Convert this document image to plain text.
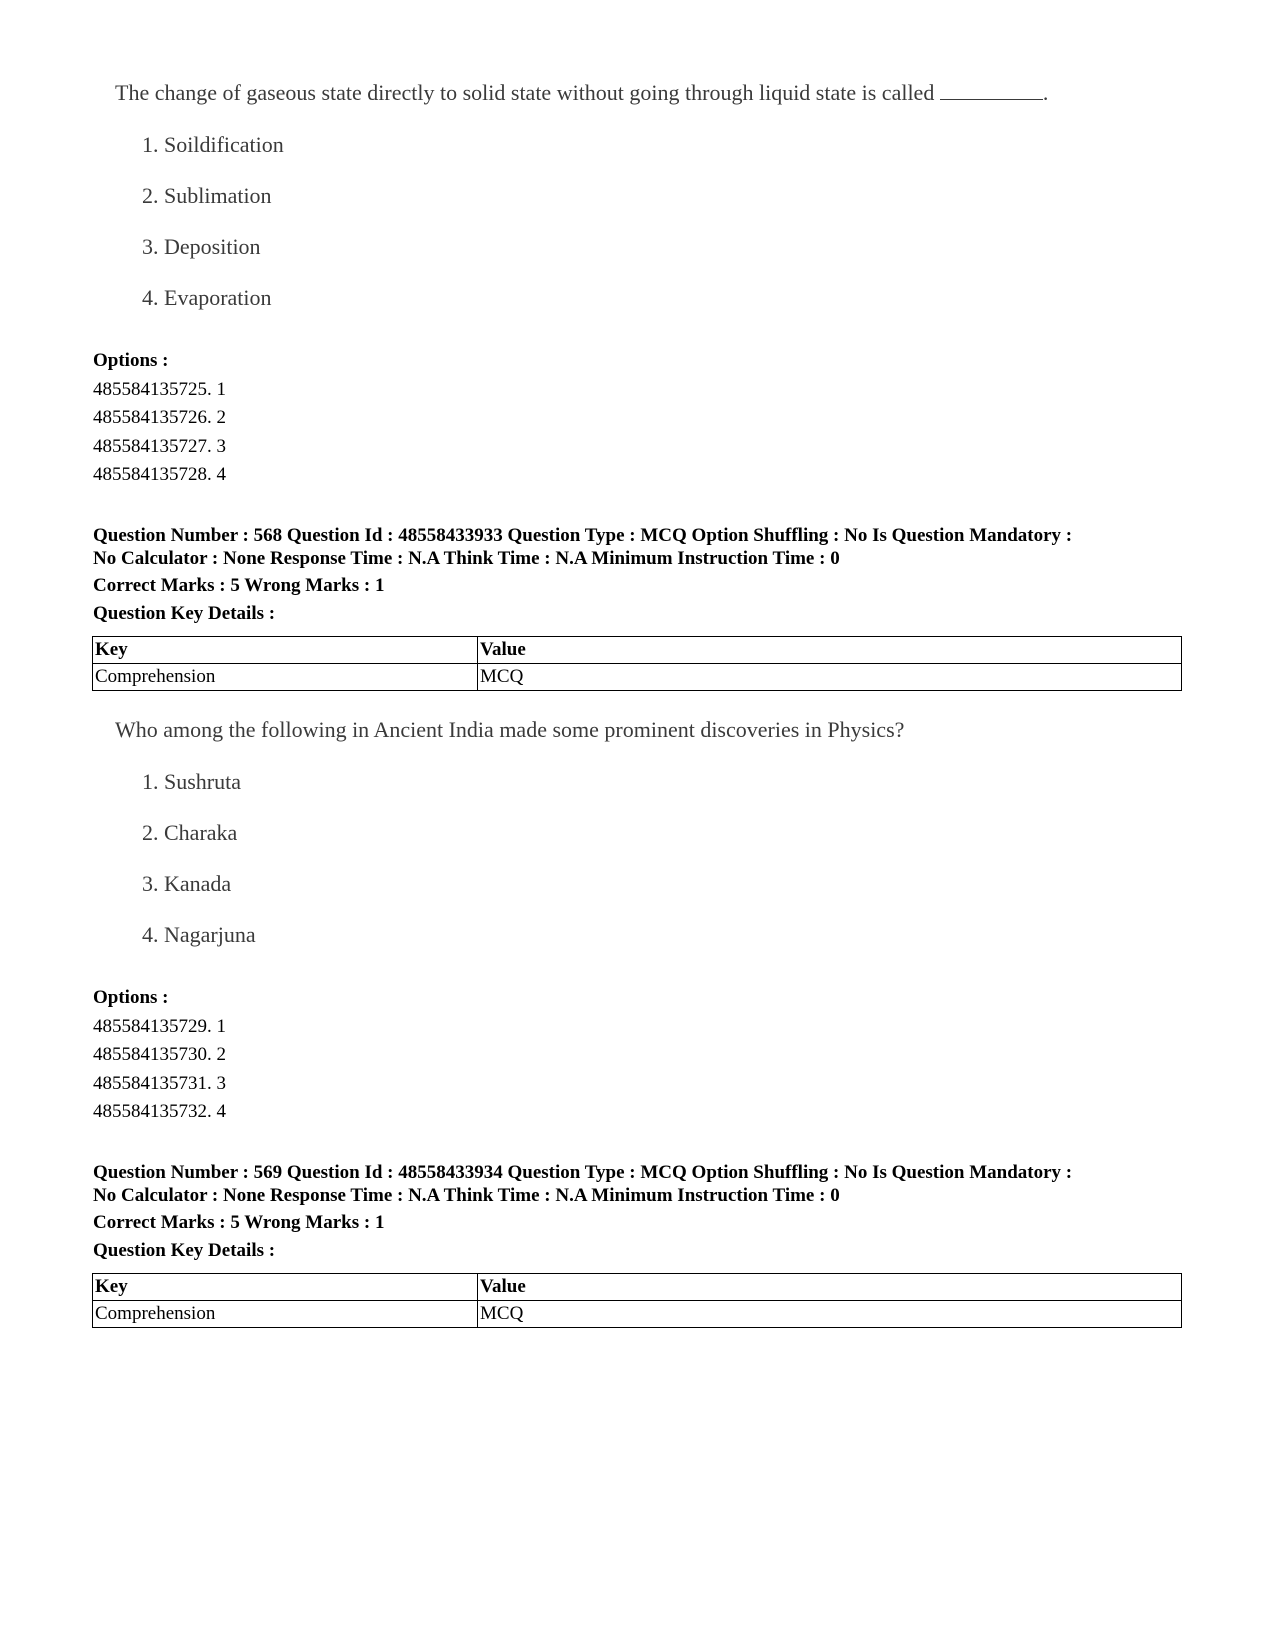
The change of gaseous state directly to solid state without going through liquid state is called	.

1. Soildification

2. Sublimation

3. Deposition

4. Evaporation

Options :
485584135725. 1
485584135726. 2
485584135727. 3
485584135728. 4
Question Number : 568 Question Id : 48558433933 Question Type : MCQ Option Shuffling : No Is Question Mandatory :
No Calculator : None Response Time : N.A Think Time : N.A Minimum Instruction Time : 0
Correct Marks : 5 Wrong Marks : 1
Question Key Details :
Key	Value
Comprehension	MCQ

Who among the following in Ancient India made some prominent discoveries in Physics?

1. Sushruta

2. Charaka

3. Kanada

4. Nagarjuna

Options :
485584135729. 1
485584135730. 2
485584135731. 3
485584135732. 4
Question Number : 569 Question Id : 48558433934 Question Type : MCQ Option Shuffling : No Is Question Mandatory :
No Calculator : None Response Time : N.A Think Time : N.A Minimum Instruction Time : 0
Correct Marks : 5 Wrong Marks : 1
Question Key Details :
Key	Value
Comprehension	MCQ
